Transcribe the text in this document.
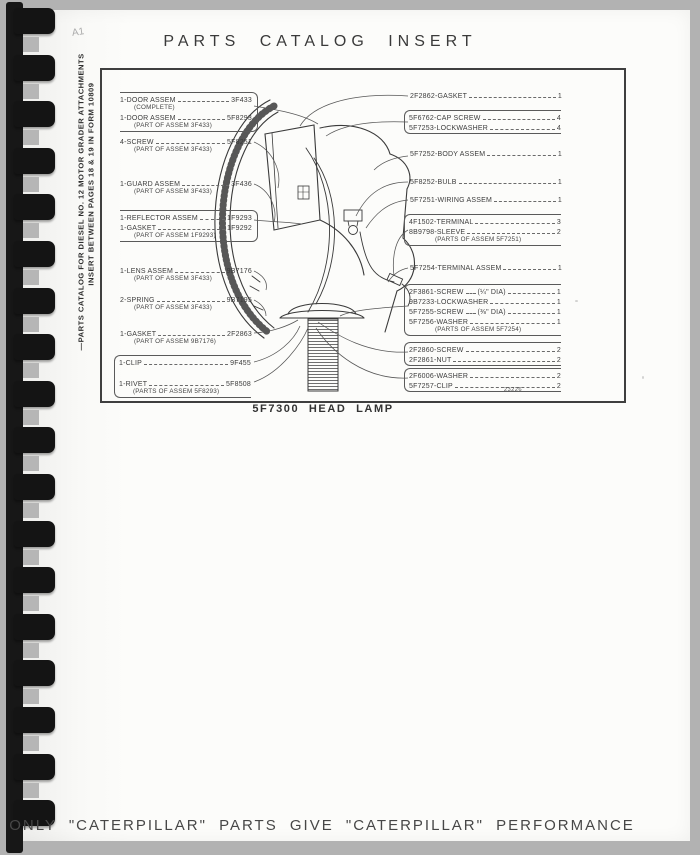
—PARTS CATALOG FOR DIESEL NO. 12 MOTOR GRADER ATTACHMENTS INSERT BETWEEN PAGES 18 & 19 IN FORM 10809
A1
PARTS CATALOG INSERT
1-DOOR ASSEM	3F433
(COMPLETE)
1-DOOR ASSEM	5F8293
(PART OF ASSEM 3F433)
4-SCREW	5F8251
(PART OF ASSEM 3F433)
1-GUARD ASSEM	3F436
(PART OF ASSEM 3F433)
1-REFLECTOR ASSEM	1F9293
1-GASKET	1F9292
(PART OF ASSEM 1F9293)
1-LENS ASSEM	9B7176
(PART OF ASSEM 3F433)
2-SPRING	9B7195
(PART OF ASSEM 3F433)
1-GASKET	2F2863
(PART OF ASSEM 9B7176)
1-CLIP	9F455
1-RIVET	5F8508
(PARTS OF ASSEM 5F8293)
2F2862-GASKET	1
5F6762-CAP SCREW	4
5F7253-LOCKWASHER	4
5F7252-BODY ASSEM	1
5F8252-BULB	1
5F7251-WIRING ASSEM	1
4F1502-TERMINAL	3
8B9798-SLEEVE	2
(PARTS OF ASSEM 5F7251)
5F7254-TERMINAL ASSEM	1
2F3861-SCREW (¼" DIA)	1
9B7233-LOCKWASHER	1
5F7255-SCREW (⅜" DIA)	1
5F7256-WASHER	1
(PARTS OF ASSEM 5F7254)
2F2860-SCREW	2
2F2861-NUT	2
2F6006-WASHER	2
5F7257-CLIP	2
23226
5F7300 HEAD LAMP
ONLY "CATERPILLAR" PARTS GIVE "CATERPILLAR" PERFORMANCE
